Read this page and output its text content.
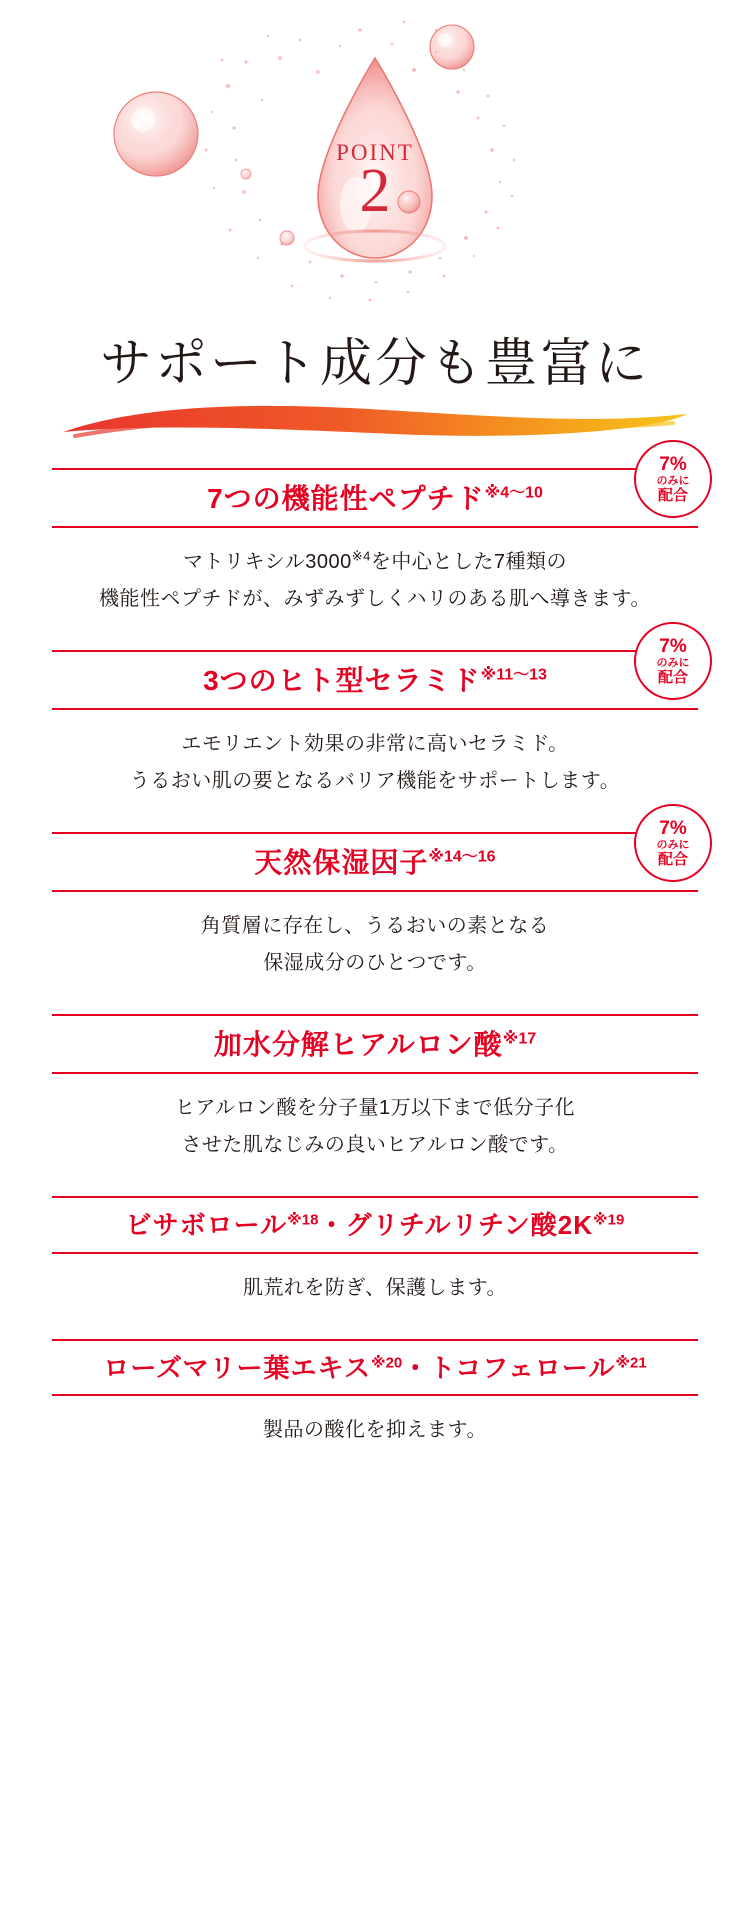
POINT
2
サポート成分も豊富に

7つの機能性ペプチド$^{※4〜10}$

7%
のみに
配合

マトリキシル3000$^{※4}$を中心とした7種類の
機能性ペプチドが、みずみずしくハリのある肌へ導きます。

3つのヒト型セラミド$^{※11〜13}$

7%
のみに
配合

エモリエント効果の非常に高いセラミド。
うるおい肌の要となるバリア機能をサポートします。

天然保湿因子$^{※14〜16}$

7%
のみに
配合

角質層に存在し、うるおいの素となる
保湿成分のひとつです。

加水分解ヒアルロン酸$^{※17}$

ヒアルロン酸を分子量1万以下まで低分子化
させた肌なじみの良いヒアルロン酸です。

ビサボロール$^{※18}$・グリチルリチン酸$2K^{※19}$

肌荒れを防ぎ、保護します。

ローズマリー葉エキス$^{※20}$・トコフェロール$^{※21}$

製品の酸化を抑えます。
